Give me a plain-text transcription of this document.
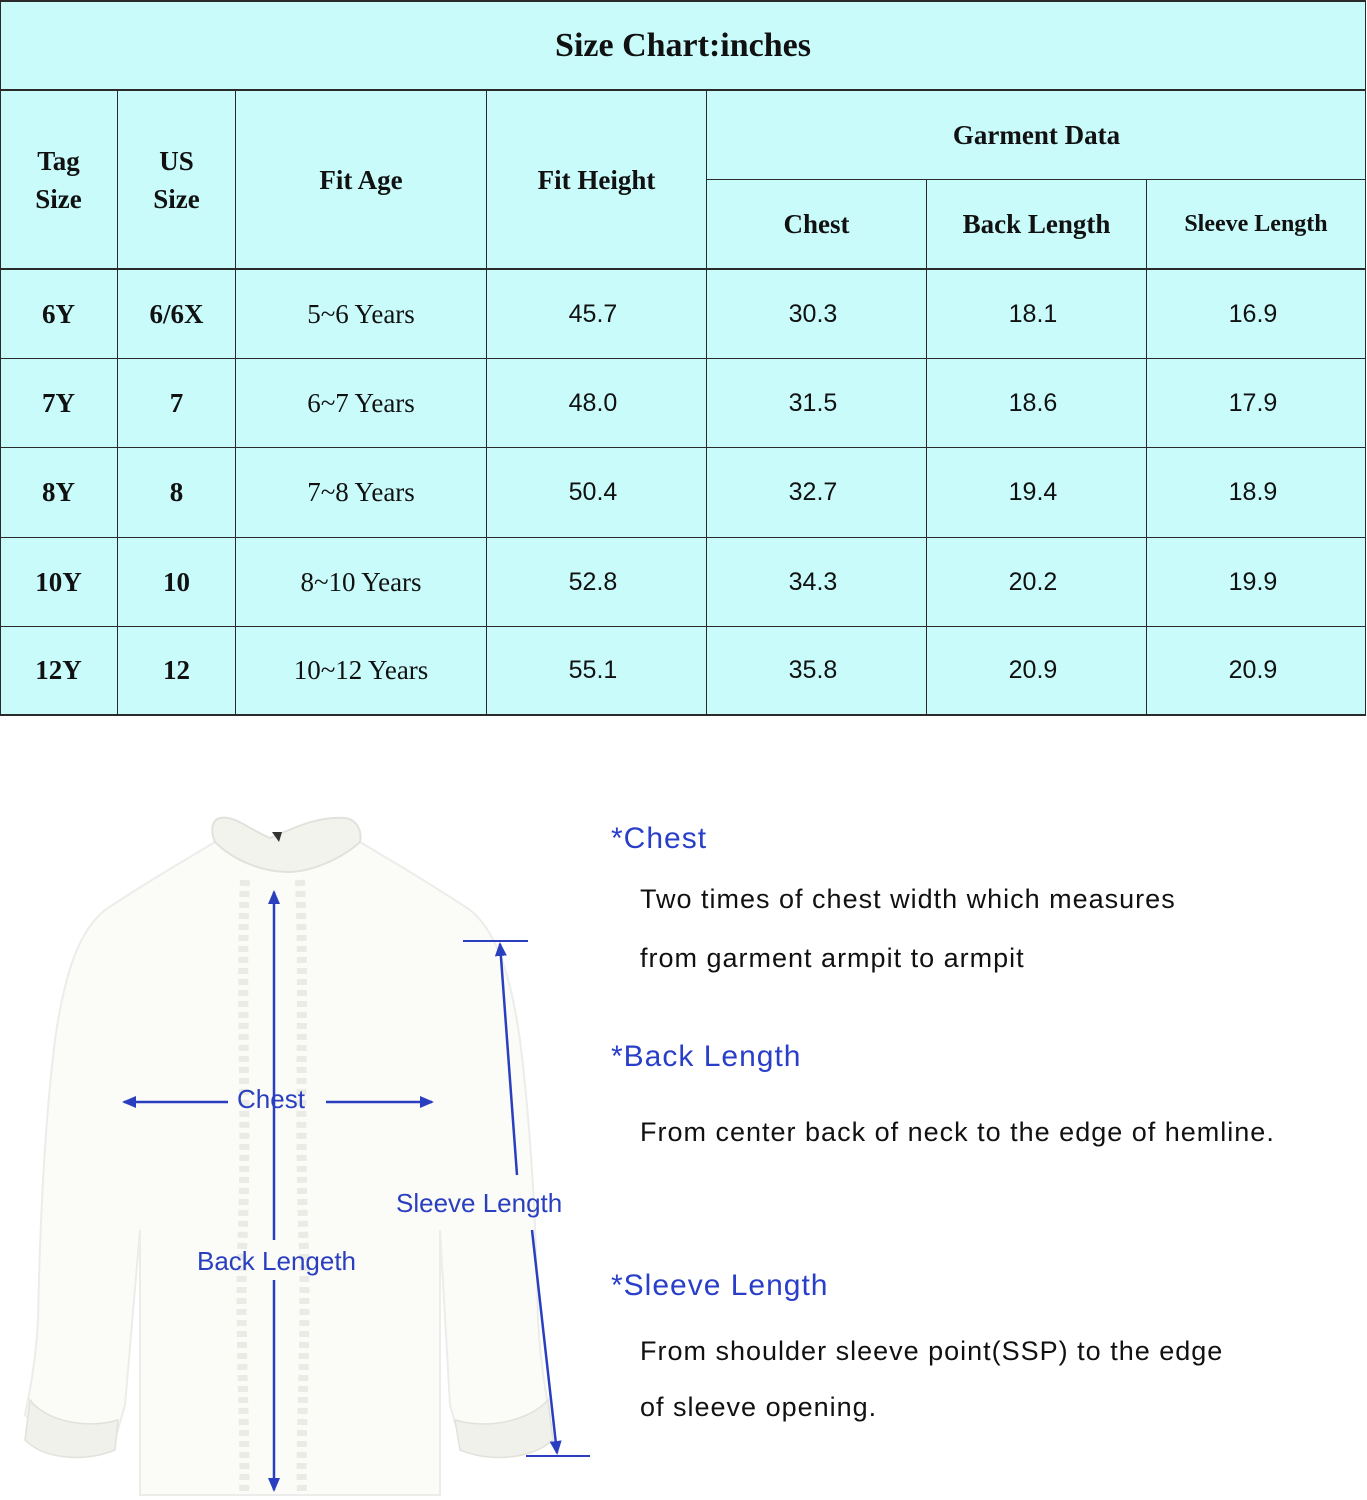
Size Chart:inches
Tag
Size
US
Size
Fit Age	Fit Height
Garment Data
Chest	Back Length	Sleeve Length
6Y	6/6X	5~6 Years	45.7	30.3	18.1	16.9
7Y	7	6~7 Years	48.0	31.5	18.6	17.9
8Y	8	7~8 Years	50.4	32.7	19.4	18.9
10Y	10	8~10 Years	52.8	34.3	20.2	19.9
12Y	12	10~12 Years	55.1	35.8	20.9	20.9
Chest
Sleeve Length
Back Lengeth
*Chest
Two times of chest width which measures
from garment armpit to armpit
*Back Length
From center back of neck to the edge of hemline.
*Sleeve Length
From shoulder sleeve point(SSP) to the edge
of sleeve opening.
